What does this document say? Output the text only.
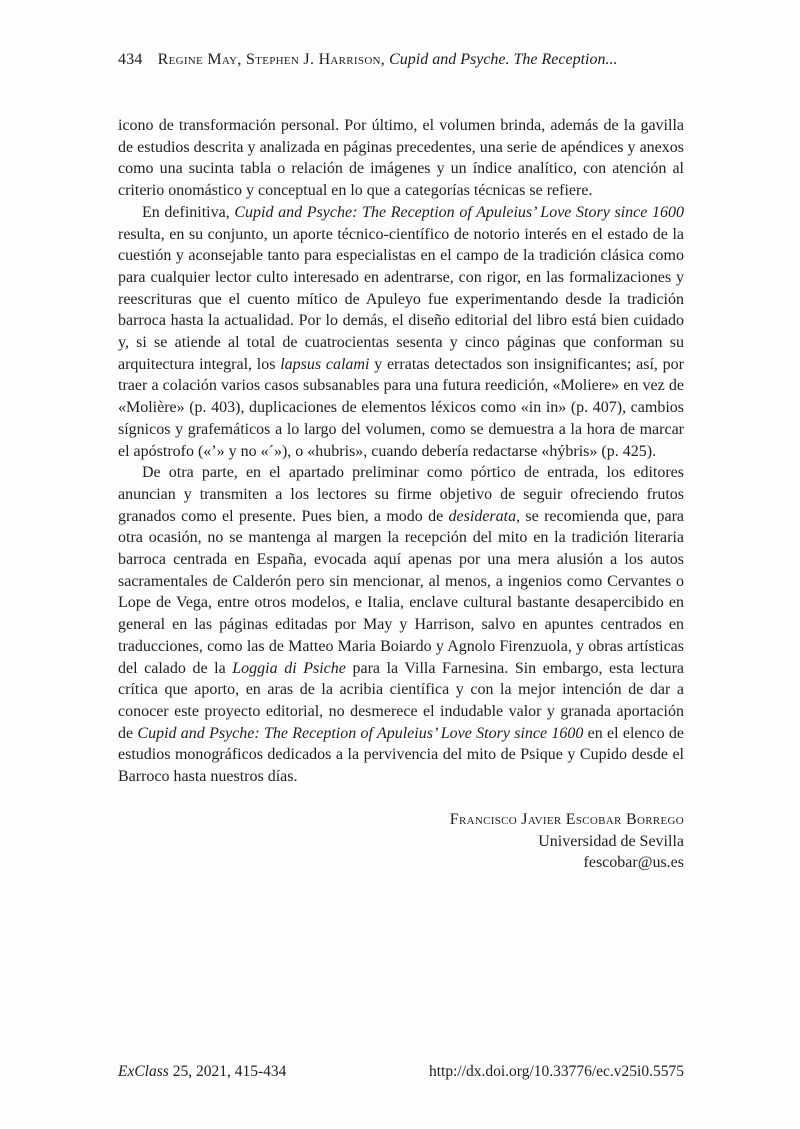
434 Regine May, Stephen J. Harrison, Cupid and Psyche. The Reception...

icono de transformación personal. Por último, el volumen brinda, además de la gavilla de estudios descrita y analizada en páginas precedentes, una serie de apéndices y anexos como una sucinta tabla o relación de imágenes y un índice analítico, con atención al criterio onomástico y conceptual en lo que a categorías técnicas se refiere.

En definitiva, Cupid and Psyche: The Reception of Apuleius’ Love Story since 1600 resulta, en su conjunto, un aporte técnico-científico de notorio interés en el estado de la cuestión y aconsejable tanto para especialistas en el campo de la tradición clásica como para cualquier lector culto interesado en adentrarse, con rigor, en las formalizaciones y reescrituras que el cuento mítico de Apuleyo fue experimentando desde la tradición barroca hasta la actualidad. Por lo demás, el diseño editorial del libro está bien cuidado y, si se atiende al total de cuatrocientas sesenta y cinco páginas que conforman su arquitectura integral, los lapsus calami y erratas detectados son insignificantes; así, por traer a colación varios casos subsanables para una futura reedición, «Moliere» en vez de «Molière» (p. 403), duplicaciones de elementos léxicos como «in in» (p. 407), cambios sígnicos y grafemáticos a lo largo del volumen, como se demuestra a la hora de marcar el apóstrofo («’» y no «´»), o «hubris», cuando debería redactarse «hýbris» (p. 425).

De otra parte, en el apartado preliminar como pórtico de entrada, los editores anuncian y transmiten a los lectores su firme objetivo de seguir ofreciendo frutos granados como el presente. Pues bien, a modo de desiderata, se recomienda que, para otra ocasión, no se mantenga al margen la recepción del mito en la tradición literaria barroca centrada en España, evocada aquí apenas por una mera alusión a los autos sacramentales de Calderón pero sin mencionar, al menos, a ingenios como Cervantes o Lope de Vega, entre otros modelos, e Italia, enclave cultural bastante desapercibido en general en las páginas editadas por May y Harrison, salvo en apuntes centrados en traducciones, como las de Matteo Maria Boiardo y Agnolo Firenzuola, y obras artísticas del calado de la Loggia di Psiche para la Villa Farnesina. Sin embargo, esta lectura crítica que aporto, en aras de la acribia científica y con la mejor intención de dar a conocer este proyecto editorial, no desmerece el indudable valor y granada aportación de Cupid and Psyche: The Reception of Apuleius’ Love Story since 1600 en el elenco de estudios monográficos dedicados a la pervivencia del mito de Psique y Cupido desde el Barroco hasta nuestros días.

Francisco Javier Escobar Borrego
Universidad de Sevilla
fescobar@us.es
ExClass 25, 2021, 415-434	http://dx.doi.org/10.33776/ec.v25i0.5575
